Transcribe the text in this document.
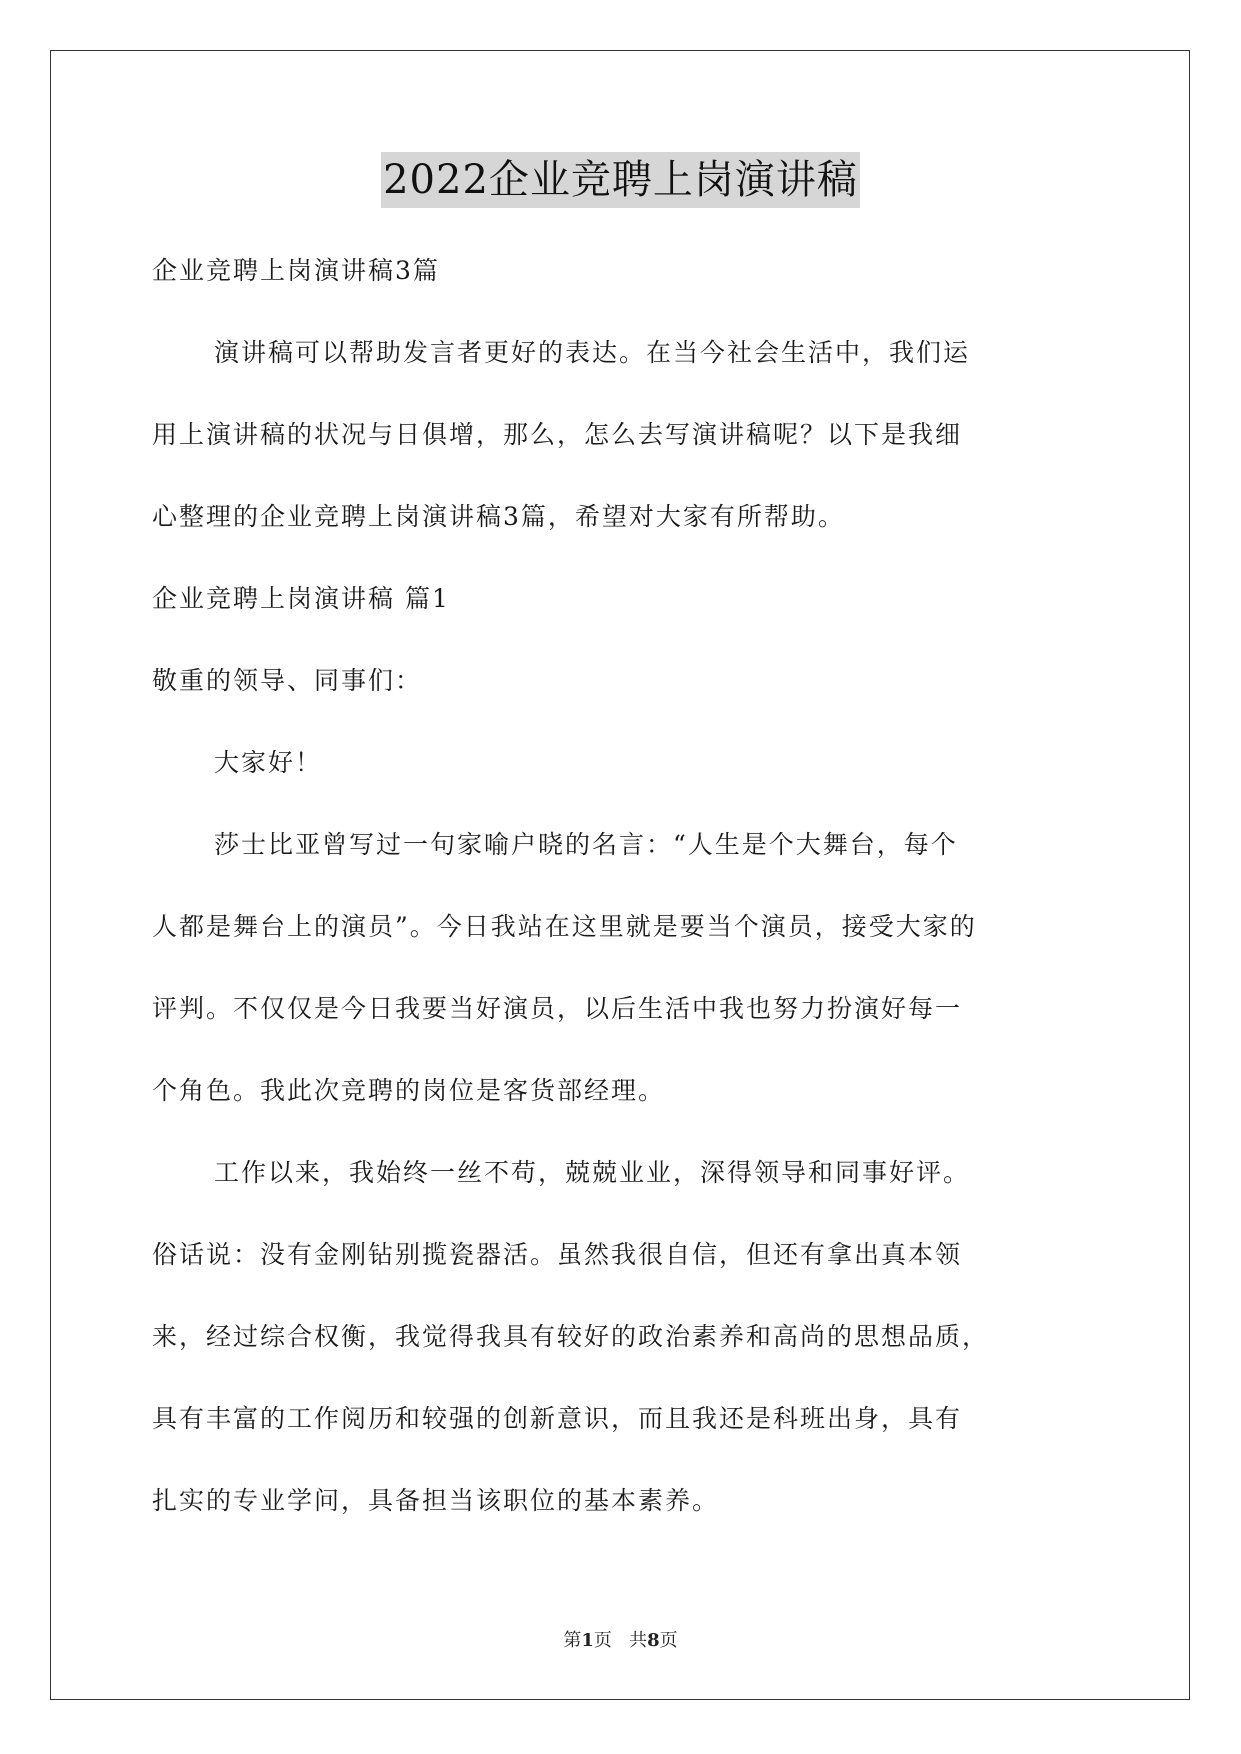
2022企业竞聘上岗演讲稿
企业竞聘上岗演讲稿3篇
演讲稿可以帮助发言者更好的表达。在当今社会生活中，我们运
用上演讲稿的状况与日俱增，那么，怎么去写演讲稿呢？以下是我细
心整理的企业竞聘上岗演讲稿3篇，希望对大家有所帮助。
企业竞聘上岗演讲稿 篇1
敬重的领导、同事们：
大家好！
莎士比亚曾写过一句家喻户晓的名言：“人生是个大舞台，每个
人都是舞台上的演员”。今日我站在这里就是要当个演员，接受大家的
评判。不仅仅是今日我要当好演员，以后生活中我也努力扮演好每一
个角色。我此次竞聘的岗位是客货部经理。
工作以来，我始终一丝不苟，兢兢业业，深得领导和同事好评。
俗话说：没有金刚钻别揽瓷器活。虽然我很自信，但还有拿出真本领
来，经过综合权衡，我觉得我具有较好的政治素养和高尚的思想品质，
具有丰富的工作阅历和较强的创新意识，而且我还是科班出身，具有
扎实的专业学问，具备担当该职位的基本素养。
第1页 共8页
